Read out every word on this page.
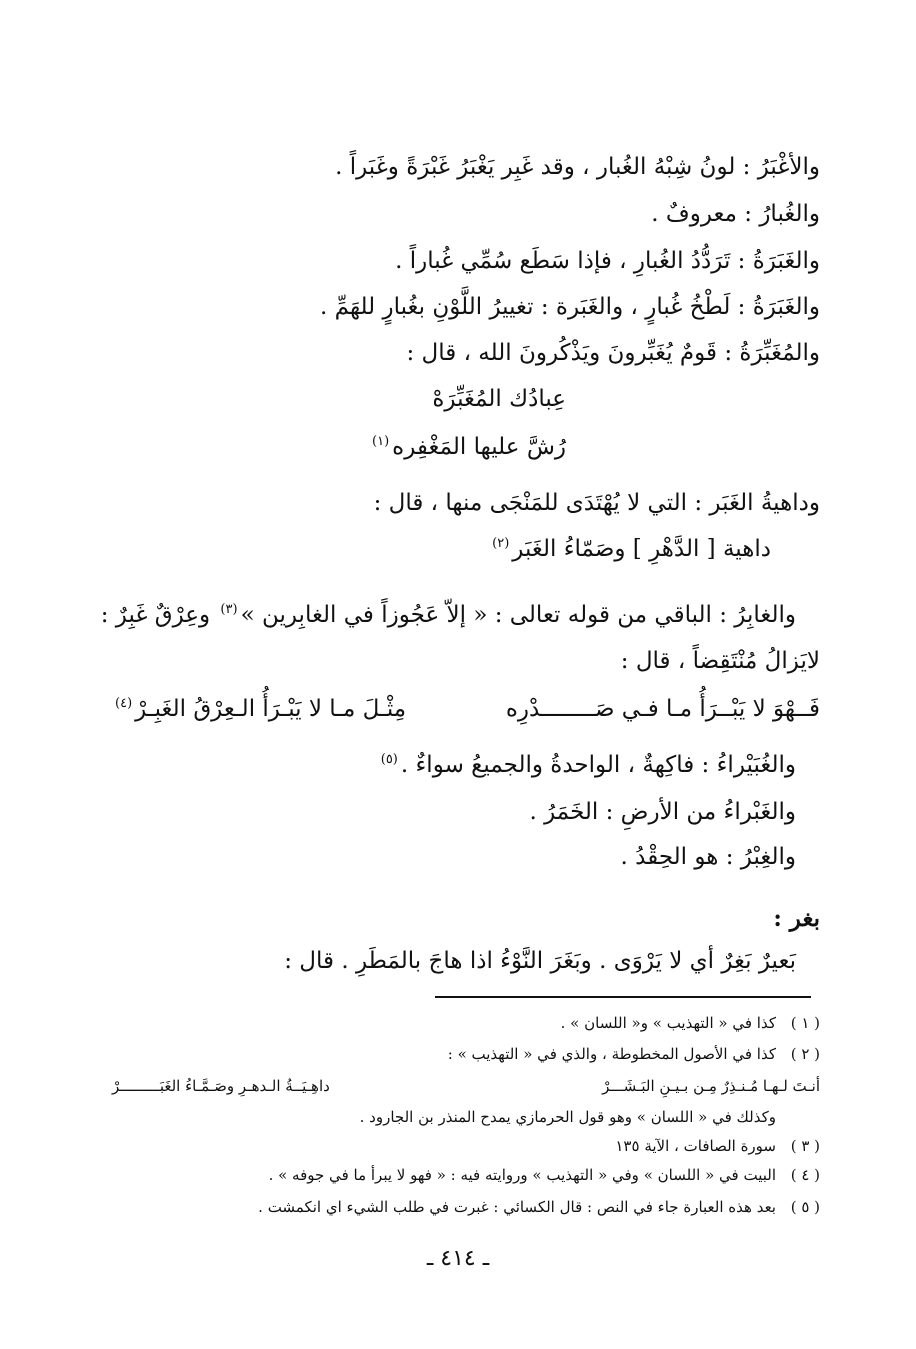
والأغْبَرُ : لونُ شِبْهُ الغُبار ، وقد غَبِر يَغْبَرُ غَبْرَةً وغَبَراً .
والغُبارُ : معروفٌ .
والغَبَرَةُ : تَرَدُّدُ الغُبارِ ، فإذا سَطَع سُمِّي غُباراً .
والغَبَرَةُ : لَطْخُ غُبارٍ ، والغَبَرة : تغييرُ اللَّوْنِ بغُبارٍ للهَمِّ .
والمُغَبِّرَةُ : قَومٌ يُغَبِّرونَ ويَذْكُرونَ الله ، قال :
عِبادُك المُغَبِّرَهْ
رُشَّ عليها المَغْفِره$^{(١)}$
وداهيةُ الغَبَر : التي لا يُهْتَدَى للمَنْجَى منها ، قال :
داهية [ الدَّهْرِ ] وصَمّاءُ الغَبَر$^{(٢)}$
والغابِرُ : الباقي من قوله تعالى : « إلاّ عَجُوزاً في الغابِرين »$^{(٣)}$ وعِرْقٌ غَبِرٌ :
لايَزالُ مُنْتَقِضاً ، قال :
فَــهْوَ لا يَبْــرَأُ مـا فـي صَــــــــدْرِه
مِثْـلَ مـا لا يَبْـرَأُ الـعِرْقُ الغَبِـرْ$^{(٤)}$
والغُبَيْراءُ : فاكِهةٌ ، الواحدةُ والجميعُ سواءٌ .$^{(٥)}$
والغَبْراءُ من الأرضِ : الخَمَرُ .
والغِبْرُ : هو الحِقْدُ .
بغر :
بَعيرٌ بَغِرٌ أي لا يَرْوَى . وبَغَرَ النَّوْءُ اذا هاجَ بالمَطَرِ . قال :
( ١ )كذا في « التهذيب » و« اللسان » .
( ٢ )كذا في الأصول المخطوطة ، والذي في « التهذيب » :
أنـتَ لـهـا مُـنـذِرٌ مِـن بـيـنِ البَـشَـــرْ
داهِـيَــةُ الـدهـرِ وصَـمَّـاءُ الغَبَـــــــــرْ
وكذلك في « اللسان » وهو قول الحرمازي يمدح المنذر بن الجارود .
( ٣ )سورة الصافات ، الآية ١٣٥
( ٤ )البيت في « اللسان » وفي « التهذيب » وروايته فيه : « فهو لا يبرأ ما في جوفه » .
( ٥ )بعد هذه العبارة جاء في النص : قال الكسائي : غبرت في طلب الشيء اي انكمشت .
ـ ٤١٤ ـ
